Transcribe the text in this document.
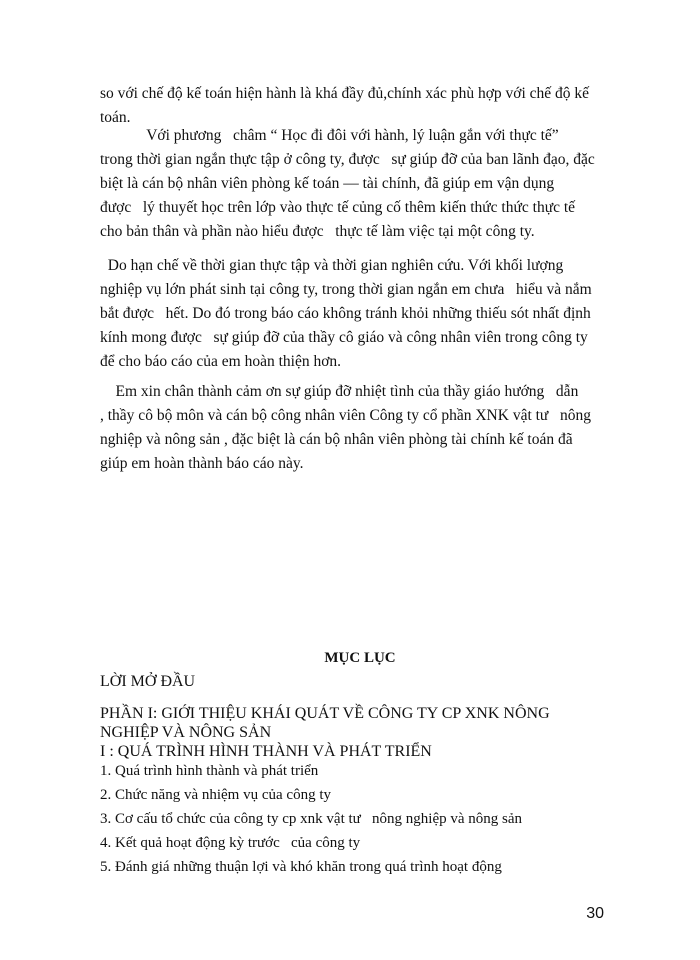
so với chế độ kế toán hiện hành là khá đầy đủ,chính xác phù hợp với chế độ kế
toán.
Với phương   châm “ Học đi đôi với hành, lý luận gắn với thực tế”
trong thời gian ngắn thực tập ở công ty, được   sự giúp đỡ của ban lãnh đạo, đặc
biệt là cán bộ nhân viên phòng kế toán — tài chính, đã giúp em vận dụng
được   lý thuyết học trên lớp vào thực tế củng cố thêm kiến thức thức thực tế
cho bản thân và phần nào hiểu được   thực tế làm việc tại một công ty.
Do hạn chế về thời gian thực tập và thời gian nghiên cứu. Với khối lượng
nghiệp vụ lớn phát sinh tại công ty, trong thời gian ngắn em chưa   hiểu và nắm
bắt được   hết. Do đó trong báo cáo không tránh khỏi những thiếu sót nhất định
kính mong được   sự giúp đỡ của thầy cô giáo và công nhân viên trong công ty
để cho báo cáo của em hoàn thiện hơn.
Em xin chân thành cảm ơn sự giúp đỡ nhiệt tình của thầy giáo hướng   dẫn
, thầy cô bộ môn và cán bộ công nhân viên Công ty cổ phần XNK vật tư   nông
nghiệp và nông sản , đặc biệt là cán bộ nhân viên phòng tài chính kế toán đã
giúp em hoàn thành báo cáo này.
MỤC LỤC
LỜI MỞ ĐẦU
PHẦN I: GIỚI THIỆU KHÁI QUÁT VỀ CÔNG TY CP XNK NÔNG
NGHIỆP VÀ NÔNG SẢN
I : QUÁ TRÌNH HÌNH THÀNH VÀ PHÁT TRIỂN
1. Quá trình hình thành và phát triển
2. Chức năng và nhiệm vụ của công ty
3. Cơ cấu tổ chức của công ty cp xnk vật tư   nông nghiệp và nông sản
4. Kết quả hoạt động kỳ trước   của công ty
5. Đánh giá những thuận lợi và khó khăn trong quá trình hoạt động
30
